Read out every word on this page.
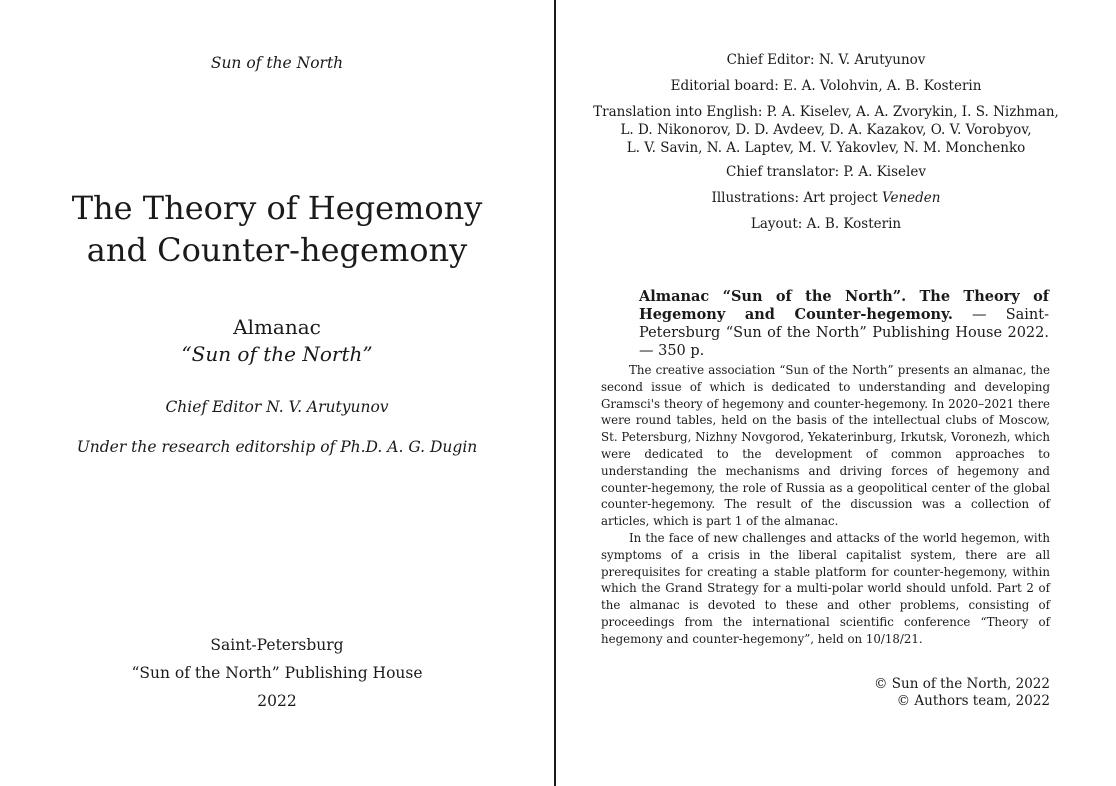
Sun of the North
The Theory of Hegemony
and Counter-hegemony
Almanac
“Sun of the North”
Chief Editor N. V. Arutyunov
Under the research editorship of Ph.D. A. G. Dugin
Saint-Petersburg
“Sun of the North” Publishing House
2022

Chief Editor: N. V. Arutyunov

Editorial board: E. A. Volohvin, A. B. Kosterin

Translation into English: P. A. Kiselev, A. A. Zvorykin, I. S. Nizhman,
L. D. Nikonorov, D. D. Avdeev, D. A. Kazakov, O. V. Vorobyov,
L. V. Savin, N. A. Laptev, M. V. Yakovlev, N. M. Monchenko

Chief translator: P. A. Kiselev

Illustrations: Art project Veneden

Layout: A. B. Kosterin

Almanac “Sun of the North”. The Theory of Hegemony and Counter-hegemony. — Saint-Petersburg “Sun of the North” Publishing House 2022. — 350 p.

The creative association “Sun of the North” presents an almanac, the second issue of which is dedicated to understanding and developing Gramsci's theory of hegemony and counter-hegemony. In 2020–2021 there were round tables, held on the basis of the intellectual clubs of Moscow, St. Petersburg, Nizhny Novgorod, Yekaterinburg, Irkutsk, Voronezh, which were dedicated to the development of common approaches to understanding the mechanisms and driving forces of hegemony and counter-hegemony, the role of Russia as a geopolitical center of the global counter-hegemony. The result of the discussion was a collection of articles, which is part 1 of the almanac.

In the face of new challenges and attacks of the world hegemon, with symptoms of a crisis in the liberal capitalist system, there are all prerequisites for creating a stable platform for counter-hegemony, within which the Grand Strategy for a multi-polar world should unfold. Part 2 of the almanac is devoted to these and other problems, consisting of proceedings from the international scientific conference “Theory of hegemony and counter-hegemony”, held on 10/18/21.

© Sun of the North, 2022
© Authors team, 2022
